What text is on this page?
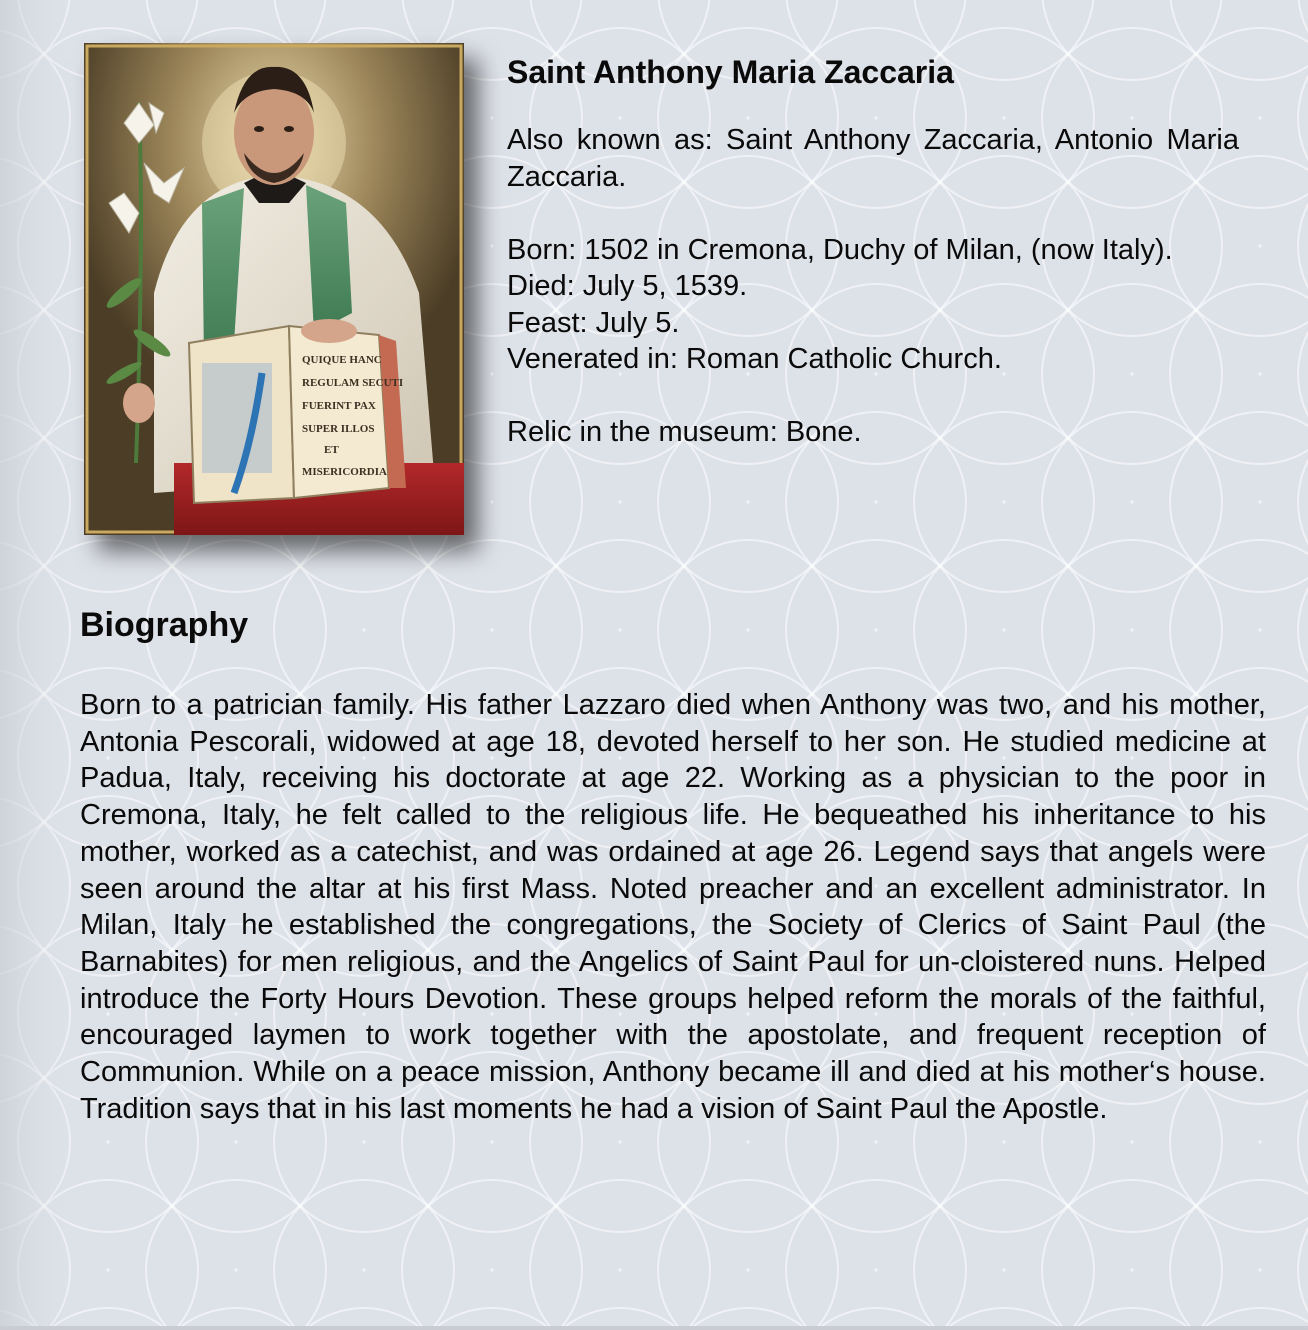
QUIQUE HANC
REGULAM SECUTI
FUERINT PAX
SUPER ILLOS
ET
MISERICORDIA
Saint Anthony Maria Zaccaria

Also known as: Saint Anthony Zaccaria, Antonio Maria Zaccaria.

Born: 1502 in Cremona, Duchy of Milan, (now Italy).

Died: July 5, 1539.

Feast: July 5.

Venerated in: Roman Catholic Church.

Relic in the museum: Bone.

Biography

Born to a patrician family. His father Lazzaro died when Anthony was two, and his mother, Antonia Pescorali, widowed at age 18, devoted herself to her son. He studied medicine at Padua, Italy, receiving his doctorate at age 22. Working as a physician to the poor in Cremona, Italy, he felt called to the religious life. He bequeathed his inheritance to his mother, worked as a catechist, and was ordained at age 26. Legend says that angels were seen around the altar at his first Mass. Noted preacher and an excellent administrator. In Milan, Italy he established the congregations, the Society of Clerics of Saint Paul (the Barnabites) for men religious, and the Angelics of Saint Paul for un-cloistered nuns. Helped introduce the Forty Hours Devotion. These groups helped reform the morals of the faithful, encouraged laymen to work together with the apostolate, and frequent reception of Communion. While on a peace mission, Anthony became ill and died at his mother‘s house. Tradition says that in his last moments he had a vision of Saint Paul the Apostle.
